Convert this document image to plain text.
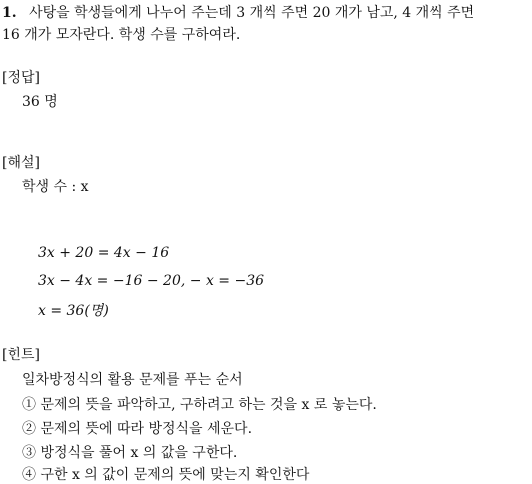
1. 사탕을 학생들에게 나누어 주는데 3 개씩 주면 20 개가 남고, 4 개씩 주면
16 개가 모자란다. 학생 수를 구하여라.
[정답]
36 명
[해설]
학생 수 : x
3x + 20 = 4x − 16
3x − 4x = −16 − 20, − x = −36
x = 36(명)
[힌트]
일차방정식의 활용 문제를 푸는 순서
① 문제의 뜻을 파악하고, 구하려고 하는 것을 x 로 놓는다.
② 문제의 뜻에 따라 방정식을 세운다.
③ 방정식을 풀어 x 의 값을 구한다.
④ 구한 x 의 값이 문제의 뜻에 맞는지 확인한다
